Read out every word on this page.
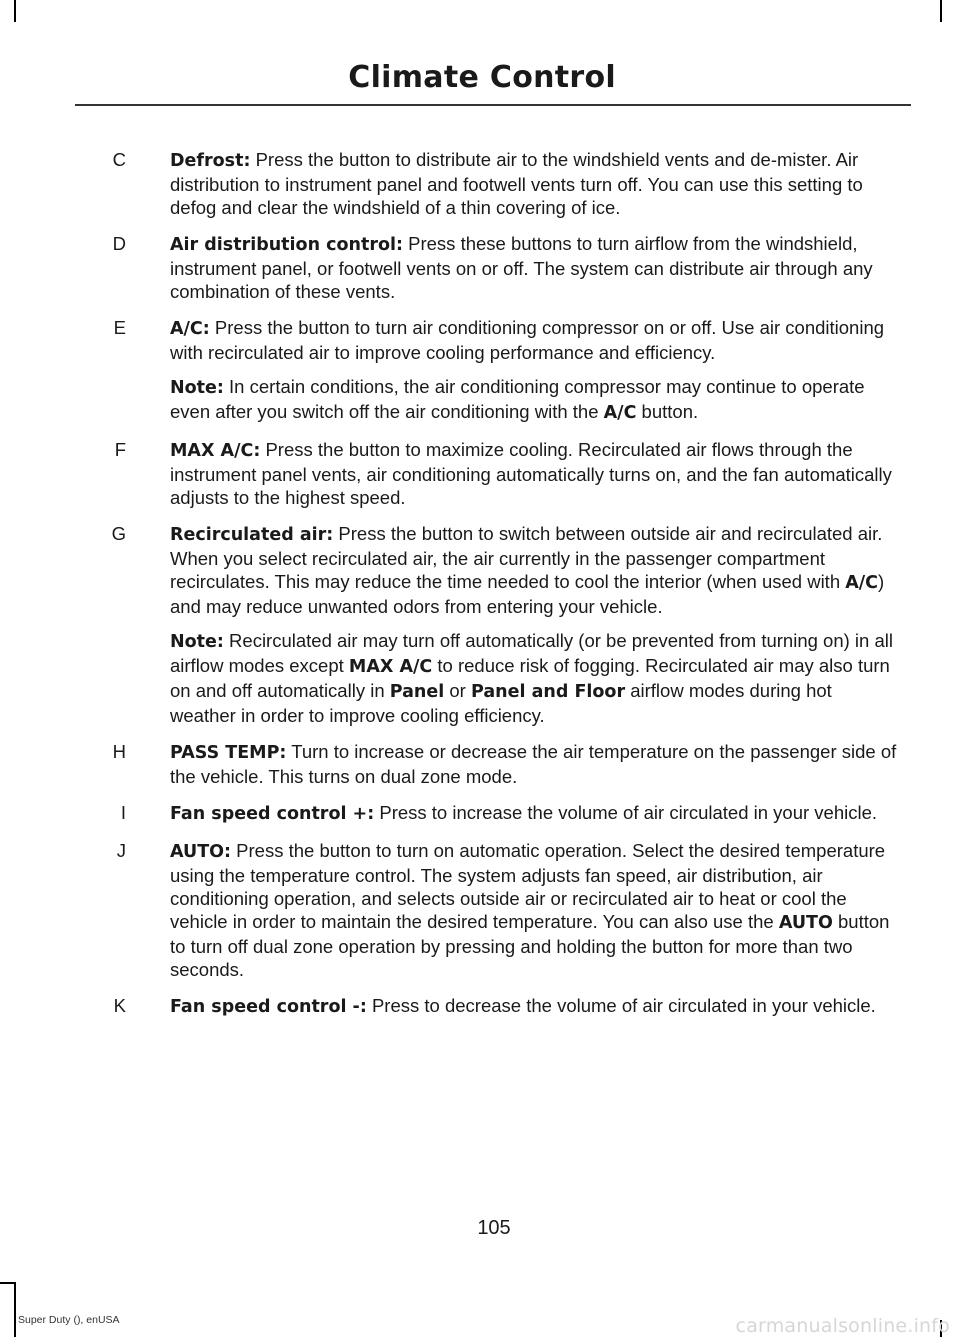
Climate Control
C	Defrost: Press the button to distribute air to the windshield vents and de-mister. Air distribution to instrument panel and footwell vents turn off. You can use this setting to defog and clear the windshield of a thin covering of ice.

D	Air distribution control: Press these buttons to turn airflow from the windshield, instrument panel, or footwell vents on or off. The system can distribute air through any combination of these vents.

E	A/C: Press the button to turn air conditioning compressor on or off. Use air conditioning with recirculated air to improve cooling performance and efficiency.

Note: In certain conditions, the air conditioning compressor may continue to operate even after you switch off the air conditioning with the A/C button.

F	MAX A/C: Press the button to maximize cooling. Recirculated air flows through the instrument panel vents, air conditioning automatically turns on, and the fan automatically adjusts to the highest speed.

G	Recirculated air: Press the button to switch between outside air and recirculated air. When you select recirculated air, the air currently in the passenger compartment recirculates. This may reduce the time needed to cool the interior (when used with A/C) and may reduce unwanted odors from entering your vehicle.

Note: Recirculated air may turn off automatically (or be prevented from turning on) in all airflow modes except MAX A/C to reduce risk of fogging. Recirculated air may also turn on and off automatically in Panel or Panel and Floor airflow modes during hot weather in order to improve cooling efficiency.

H	PASS TEMP: Turn to increase or decrease the air temperature on the passenger side of the vehicle. This turns on dual zone mode.

I	Fan speed control +: Press to increase the volume of air circulated in your vehicle.

J	AUTO: Press the button to turn on automatic operation. Select the desired temperature using the temperature control. The system adjusts fan speed, air distribution, air conditioning operation, and selects outside air or recirculated air to heat or cool the vehicle in order to maintain the desired temperature. You can also use the AUTO button to turn off dual zone operation by pressing and holding the button for more than two seconds.

K	Fan speed control -: Press to decrease the volume of air circulated in your vehicle.

105
Super Duty (), enUSA	carmanualsonline.info
